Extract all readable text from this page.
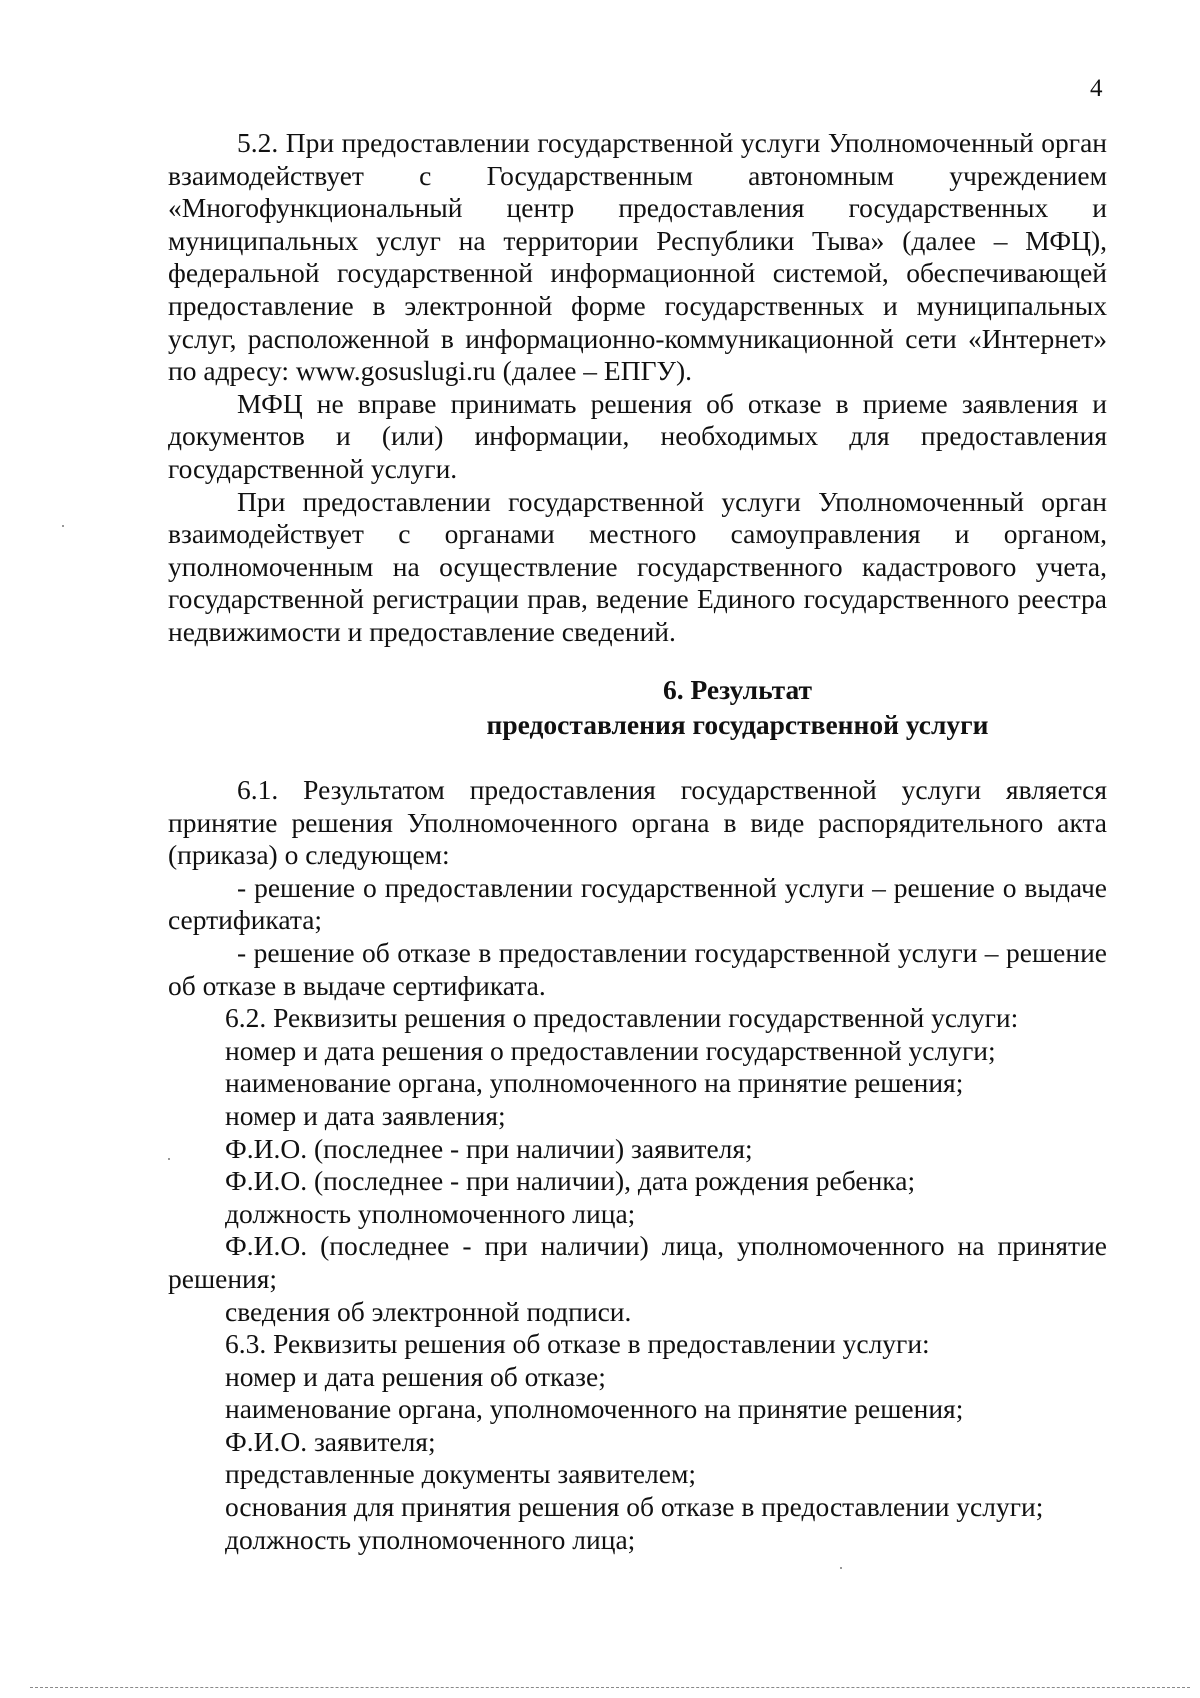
4

5.2. При предоставлении государственной услуги Уполномоченный орган взаимодействует с Государственным автономным учреждением «Многофункциональный центр предоставления государственных и муниципальных услуг на территории Республики Тыва» (далее – МФЦ), федеральной государственной информационной системой, обеспечивающей предоставление в электронной форме государственных и муниципальных услуг, расположенной в информационно-коммуникационной сети «Интернет» по адресу: www.gosuslugi.ru (далее – ЕПГУ).

МФЦ не вправе принимать решения об отказе в приеме заявления и документов и (или) информации, необходимых для предоставления государственной услуги.

При предоставлении государственной услуги Уполномоченный орган взаимодействует с органами местного самоуправления и органом, уполномоченным на осуществление государственного кадастрового учета, государственной регистрации прав, ведение Единого государственного реестра недвижимости и предоставление сведений.

6. Результат
предоставления государственной услуги

6.1. Результатом предоставления государственной услуги является принятие решения Уполномоченного органа в виде распорядительного акта (приказа) о следующем:

- решение о предоставлении государственной услуги – решение о выдаче сертификата;

- решение об отказе в предоставлении государственной услуги – решение об отказе в выдаче сертификата.

6.2. Реквизиты решения о предоставлении государственной услуги:

номер и дата решения о предоставлении государственной услуги;

наименование органа, уполномоченного на принятие решения;

номер и дата заявления;

Ф.И.О. (последнее - при наличии) заявителя;

Ф.И.О. (последнее - при наличии), дата рождения ребенка;

должность уполномоченного лица;

Ф.И.О. (последнее - при наличии) лица, уполномоченного на принятие решения;

сведения об электронной подписи.

6.3. Реквизиты решения об отказе в предоставлении услуги:

номер и дата решения об отказе;

наименование органа, уполномоченного на принятие решения;

Ф.И.О. заявителя;

представленные документы заявителем;

основания для принятия решения об отказе в предоставлении услуги;

должность уполномоченного лица;
